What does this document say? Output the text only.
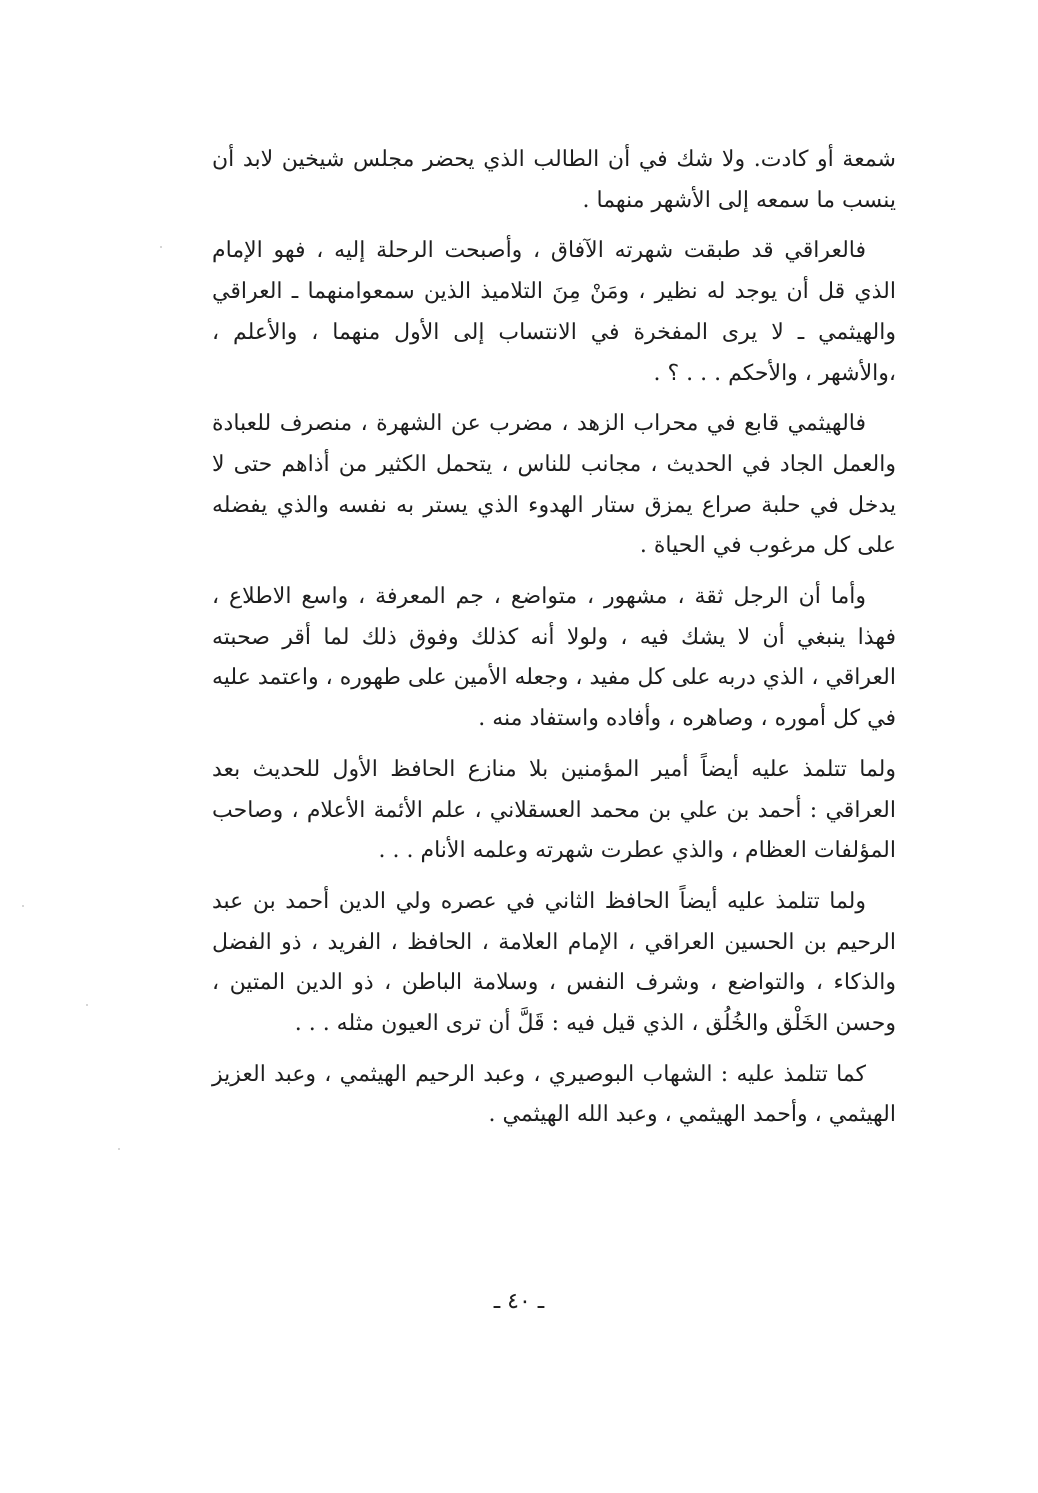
شمعة أو كادت. ولا شك في أن الطالب الذي يحضر مجلس شيخين لابد أن ينسب ما سمعه إلى الأشهر منهما .

فالعراقي قد طبقت شهرته الآفاق ، وأصبحت الرحلة إليه ، فهو الإمام الذي قل أن يوجد له نظير ، ومَنْ مِنَ التلاميذ الذين سمعوامنهما ـ العراقي والهيثمي ـ لا يرى المفخرة في الانتساب إلى الأول منهما ، والأعلم ، ،والأشهر ، والأحكم . . . ؟ .

فالهيثمي قابع في محراب الزهد ، مضرب عن الشهرة ، منصرف للعبادة والعمل الجاد في الحديث ، مجانب للناس ، يتحمل الكثير من أذاهم حتى لا يدخل في حلبة صراع يمزق ستار الهدوء الذي يستر به نفسه والذي يفضله على كل مرغوب في الحياة .

وأما أن الرجل ثقة ، مشهور ، متواضع ، جم المعرفة ، واسع الاطلاع ، فهذا ينبغي أن لا يشك فيه ، ولولا أنه كذلك وفوق ذلك لما أقر صحبته العراقي ، الذي دربه على كل مفيد ، وجعله الأمين على طهوره ، واعتمد عليه في كل أموره ، وصاهره ، وأفاده واستفاد منه .

ولما تتلمذ عليه أيضاً أمير المؤمنين بلا منازع الحافظ الأول للحديث بعد العراقي : أحمد بن علي بن محمد العسقلاني ، علم الأئمة الأعلام ، وصاحب المؤلفات العظام ، والذي عطرت شهرته وعلمه الأنام . . .

ولما تتلمذ عليه أيضاً الحافظ الثاني في عصره ولي الدين أحمد بن عبد الرحيم بن الحسين العراقي ، الإمام العلامة ، الحافظ ، الفريد ، ذو الفضل والذكاء ، والتواضع ، وشرف النفس ، وسلامة الباطن ، ذو الدين المتين ، وحسن الخَلْق والخُلُق ، الذي قيل فيه : قَلَّ أن ترى العيون مثله . . .

كما تتلمذ عليه : الشهاب البوصيري ، وعبد الرحيم الهيثمي ، وعبد العزيز الهيثمي ، وأحمد الهيثمي ، وعبد الله الهيثمي .

ـ ٤٠ ـ
